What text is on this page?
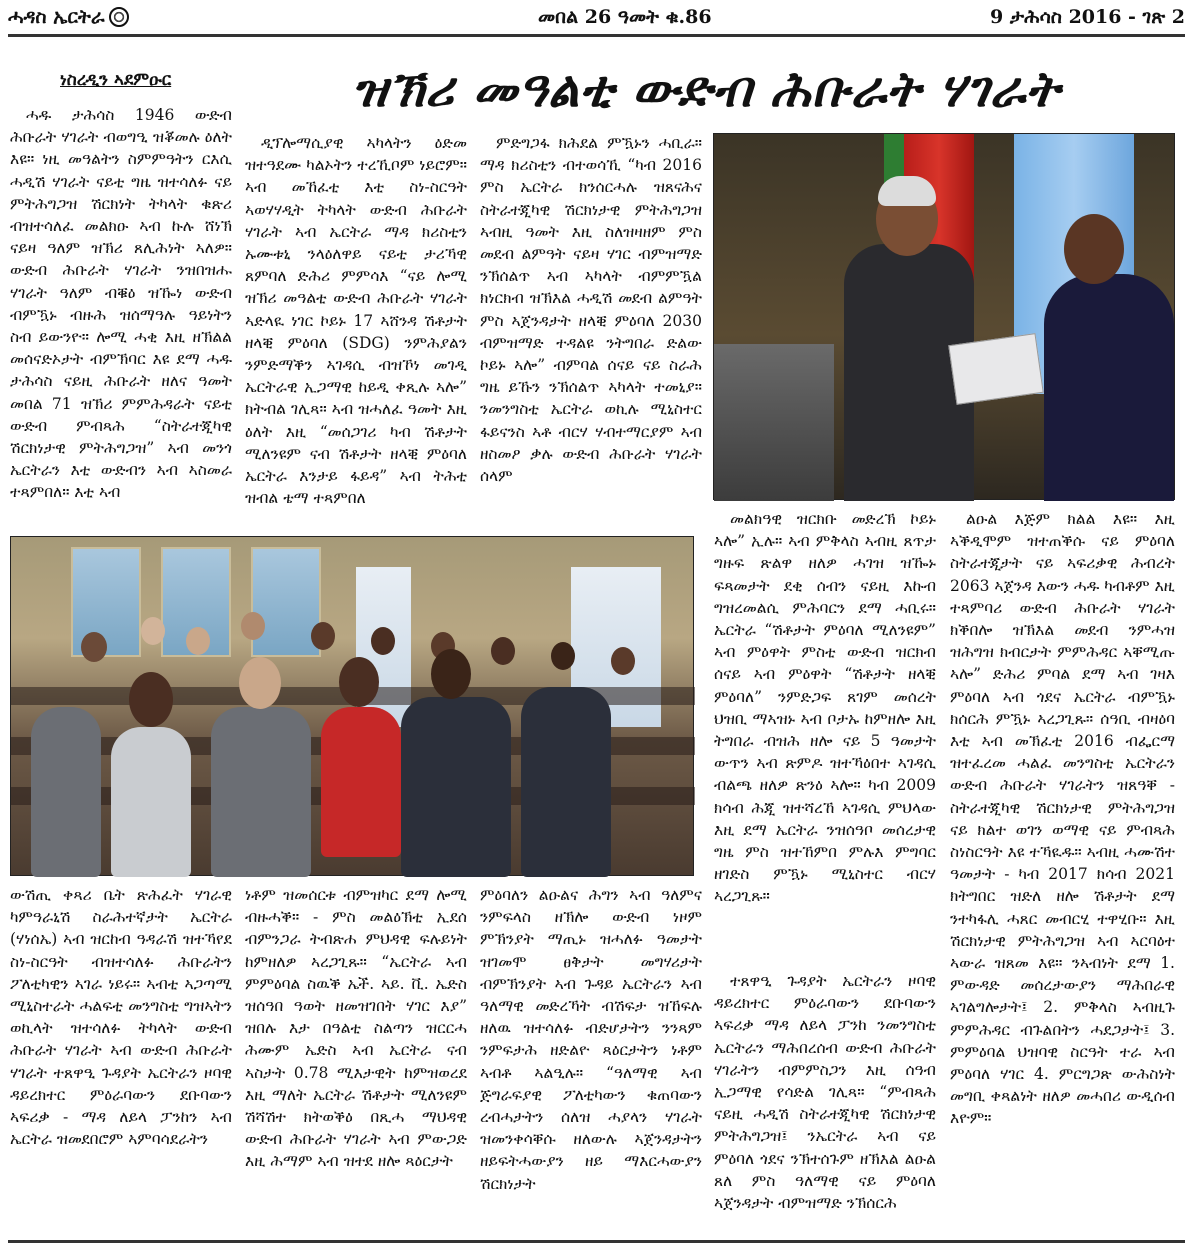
ሓዳስ ኤርትራ	መበል 26 ዓመት ቁ.86	9 ታሕሳስ 2016 - ገጽ 2
ነስረዲን ኣደምዑር	ዝኽሪ መዓልቲ ውድብ ሕቡራት ሃገራት

ሓዱ ታሕሳስ 1946 ውድብ ሕቡራት ሃገራት ብወግዒ ዝቖመሉ ዕለት እዩ። ነዚ መዓልትን ስምምዓትን ርእሲ ሓዲሽ ሃገራት ናይቲ ግዜ ዝተሳለፉ ናይ ምትሕግጋዝ ሽርክነት ትካላት ቁጽሪ ብዝተሳለፈ መልክዑ ኣብ ኩሉ ሸነኽ ናይዛ ዓለም ዝኽሪ ጸሊሕነት ኣለዎ። ውድብ ሕቡራት ሃገራት ንዝበዝሑ ሃገራት ዓለም ብቑዕ ዝዀነ ውድብ ብምዃኑ ብዙሕ ዝሰማዓሉ ዓይነትን ስብ ይውንዮ። ሎሚ ሓቂ እዚ ዘኽልል መሰናድኦታት ብምኽባር እዩ ደማ ሓዱ ታሕሳስ ናይዚ ሕቡራት ዘለና ዓመት መበል 71 ዝኽሪ ምምሕዳራት ናይቲ ውድብ ምብጻሕ “ስትራተጂካዊ ሽርክነታዊ ምትሕግጋዝ” ኣብ መንጎ ኤርትራን እቲ ውድብን ኣብ ኣስመራ ተጻምበለ። እቲ ኣብ

ዲፕሎማሲያዊ ኣካላትን ዕድመ ዝተዓደሙ ካልኦትን ተረኺቦም ነይሮም። ኣብ መኸፈቲ እቲ ስነ-ስርዓት ኣወሃሃዲት ትካላት ውድብ ሕቡራት ሃገራት ኣብ ኤርትራ ማዳ ክሪስቲን ኡሙቱኒ ንላዕለዋይ ናይቲ ታሪኻዊ ጸምባለ ድሕሪ ምምሳእ “ናይ ሎሚ ዝኽሪ መዓልቲ ውድብ ሕቡራት ሃገራት ኣድላዪ ነገር ኮይኑ 17 ኣሸንዳ ሽቶታት ዘላቒ ምዕባለ (SDG) ንምሕያልን ንምድማቕን ኣገዳሲ ብዝኾነ መገዲ ኤርትራዊ ኢጋማዊ ከይዲ ቀጺሉ ኣሎ” ክትብል ገሊጻ። ኣብ ዝሓለፈ ዓመት እዚ ዕለት እዚ “መሰጋገሪ ካብ ሽቶታት ሚለንዩም ናብ ሽቶታት ዘላቒ ምዕባለ ኤርትራ እንታይ ፋይዳ” ኣብ ትሕቲ ዝብል ቴማ ተጻምበለ

ምድግጋፋ ክሕደል ምዃኑን ሓቢራ። ማዳ ክሪስቲን ብተወሳኺ “ካብ 2016 ምስ ኤርትራ ክንሰርሓሉ ዝጸናሕና ስትራተጂካዊ ሽርክነታዊ ምትሕግጋዝ ኣብዚ ዓመት እዚ ስለዝዛዘም ምስ መደብ ልምዓት ናይዛ ሃገር ብምዝማድ ንኽሰልጥ ኣብ ኣካላት ብምምዃል ክነርክብ ዝኽእል ሓዲሽ መደብ ልምዓት ምስ ኣጀንዳታት ዘላቒ ምዕባለ 2030 ብምዝማድ ተዳልዩ ንትግበራ ድልው ኮይኑ ኣሎ” ብምባል ሰናይ ናይ ስራሕ ግዜ ይኹን ንኽሰልጥ ኣካላት ተመኒያ። ንመንግስቲ ኤርትራ ወኪሉ ሚኒስተር ፋይናንስ ኣቶ ብርሃ ሃብተማርያም ኣብ ዘስመዖ ቃሉ ውድብ ሕቡራት ሃገራት ሰላም

መልክዓዊ ዝርክቡ መድረኽ ኮይኑ ኣሎ” ኢሉ። ኣብ ምቅላስ ኣብዚ ጸጥታ ግዙፍ ጽልዋ ዘለዎ ሓገዝ ዝዀኑ ፍጻመታት ደቂ ሰብን ናይዚ እኩብ ግዝረመልሲ ምሕባርን ደማ ሓቢሩ። ኤርትራ “ሽቶታት ምዕባለ ሚለንዩም” ኣብ ምዕዋት ምስቲ ውድብ ዝርክብ ሰናይ ኣብ ምዕዋት “ሽቶታት ዘላቒ ምዕባለ” ንምድጋፍ ጸገም መሰረት ህዝቢ ማኣዝኑ ኣብ ቦታኡ ከምዘሎ እዚ ትግበራ ብዝሕ ዘሎ ናይ 5 ዓመታት ውጥን ኣብ ጽምዶ ዝተኻዕበተ ኣገዳሲ ብልጫ ዘለዎ ጽንዕ ኣሎ። ካብ 2009 ክሳብ ሕጂ ዝተሻረኸ ኣገዳሲ ምህላው እዚ ደማ ኤርትራ ንዝሰዓቦ መሰረታዊ ግዜ ምስ ዝተኸምበ ምሉእ ምግባር ዘገድስ ምዃኑ ሚኒስተር ብርሃ ኣረጋጊጹ።

ልዑል እጅም ክልል እዩ። እዚ ኣቕዲሞም ዝተጠቕሱ ናይ ምዕባለ ስትራተጂታት ናይ ኣፍሪቃዊ ሕብረት 2063 ኣጀንዳ እውን ሓዱ ካብቶም እዚ ተጻምባሪ ውድብ ሕቡራት ሃገራት ክቕበሎ ዝኽእል መደብ ንምሓዝ ዝሕግዝ ክብርታት ምምሕዳር ኣቐሚጡ ኣሎ” ድሕሪ ምባል ደማ ኣብ ገዛእ ምዕባለ ኣብ ጎደና ኤርትራ ብምዃኑ ክሰርሕ ምዃኑ ኣረጋጊጹ። ሰዓቢ ብዛዕባ እቲ ኣብ መኽፈቲ 2016 ብፌርማ ዝተፈረመ ሓልፈ መንግስቲ ኤርትራን ውድብ ሕቡራት ሃገራትን ዝጸዓቐ - ስትራተጂካዊ ሽርክነታዊ ምትሕግጋዝ ናይ ክልተ ወገን ወማዊ ናይ ምብጻሕ ስነስርዓት እዩ ተኻዪዱ። ኣብዚ ሓሙሽተ ዓመታት - ካብ 2017 ክሳብ 2021 ክትግበር ዝድለ ዘሎ ሽቶታት ደማ ንተካፋሊ ሓጸር መብርሂ ተዋሂቡ። እዚ ሽርክነታዊ ምትሕግጋዝ ኣብ ኣርባዕተ ኣውራ ዝጸመ እዩ። ንኣብነት ደማ 1. ምውዳድ መሰረታውያን ማሕበራዊ ኣገልግሎታት፤ 2. ምቅላስ ኣብዚጉ ምምሕዳር ብጉልበትን ሓደጋታት፤ 3. ምምዕባል ህዝባዊ ስርዓት ተራ ኣብ ምዕባለ ሃገር 4. ምርግጋጽ ውሕስነት መግቢ ቀጻልነት ዘለዎ መሓበሪ ውዲሰብ እዮም።

ውሽጢ ቀጻሪ ቤት ጽሕፈት ሃገራዊ ካምዓራኒሽ ስራሕተኛታት ኤርትራ (ሃነሰኤ) ኣብ ዝርከብ ዓዳራሽ ዝተኻየደ ስነ-ስርዓት ብዝተሳለፉ ሕቡራትን ፖለቲካዊን ኣገራ ነይሩ። ኣብቲ ኣጋጣሚ ሚኒስተራት ሓልፍቲ መንግስቲ ግዝኣትን ወኪላት ዝተሳለፉ ትካላት ውድብ ሕቡራት ሃገራት ኣብ ውድብ ሕቡራት ሃገራት ተጸዋዒ ጉዳያት ኤርትራን ዞባዊ ዳይረክተር ምዕራባውን ደቡባውን ኣፍሪቃ - ማዳ ለይላ ፓንከን ኣብ ኤርትራ ዝመደበሮም ኣምባሳደራትን

ነቶም ዝመሰርቱ ብምዝካር ደማ ሎሚ ብዙሓቕ። - ምስ መልዕኽቲ ኢደሰ ብምንጋራ ትብጽሐ ምህዳዊ ፍሉይነት ከምዘለዎ ኣረጋጊጹ። “ኤርትራ ኣብ ምምዕባል ስዉቕ ኤች. ኣይ. ቪ. ኤድስ ዝሰዓበ ዓወት ዘመዝገበት ሃገር እያ” ዝበሉ እታ በዓልቲ ስልጣን ዝርርሓ ሕሙም ኤድስ ኣብ ኤርትራ ናብ ኣስታት 0.78 ሚእታዊት ከምዝወረደ እዚ ማለት ኤርትራ ሽቶታት ሚለንዩም ሽሻሽተ ክትወቕዕ በጺሓ ማህዳዊ ውድብ ሕቡራት ሃገራት ኣብ ምውጋድ እዚ ሕማም ኣብ ዝተደ ዘሎ ጻዕርታት

ምዕባለን ልዑልና ሕግን ኣብ ዓለምና ንምፍላስ ዘኽሎ ውድብ ነዞም ምኽንያት ማጢኑ ዝሓለፉ ዓመታት ዝገመሞ ፀቅታት መግሃሪታት ብምኽንያት ኣብ ጉዳይ ኤርትራን ኣብ ዓለማዊ መድረኻት ብሽፍታ ዝኸፍሉ ዘለዉ ዝተሳለፉ ብድሆታትን ንንጻም ንምፍታሕ ዘድልዮ ጻዕርታትን ነቶም ኣብቶ ኣልዒሉ። “ዓለማዊ ኣብ ጅግራፍያዊ ፖለቲካውን ቁጠባውን ረብሓታትን ሰለዝ ሓያላን ሃገራት ዝመንቀሳቐሱ ዘለውሉ ኣጀንዳታትን ዘይፍትሓውያን ዘይ ማእርሓውያን ሽርክነታት

ተጸዋዒ ጉዳያት ኤርትራን ዞባዊ ዳይረክተር ምዕራባውን ደቡባውን ኣፍሪቃ ማዳ ለይላ ፓንከ ንመንግስቲ ኤርትራን ማሕበረሰብ ውድብ ሕቡራት ሃገራትን ብምምስጋን እዚ ሰዓብ ኢጋማዊ የሳድል ገሊጻ። “ምብጻሕ ናይዚ ሓዲሽ ስትራተጂካዊ ሽርክነታዊ ምትሕግጋዝ፤ ንኤርትራ ኣብ ናይ ምዕባለ ጎደና ንኽተሰጉም ዘኽእል ልዑል ጸለ ምስ ዓለማዊ ናይ ምዕባለ ኣጀንዳታት ብምዝማድ ንኽሰርሕ
